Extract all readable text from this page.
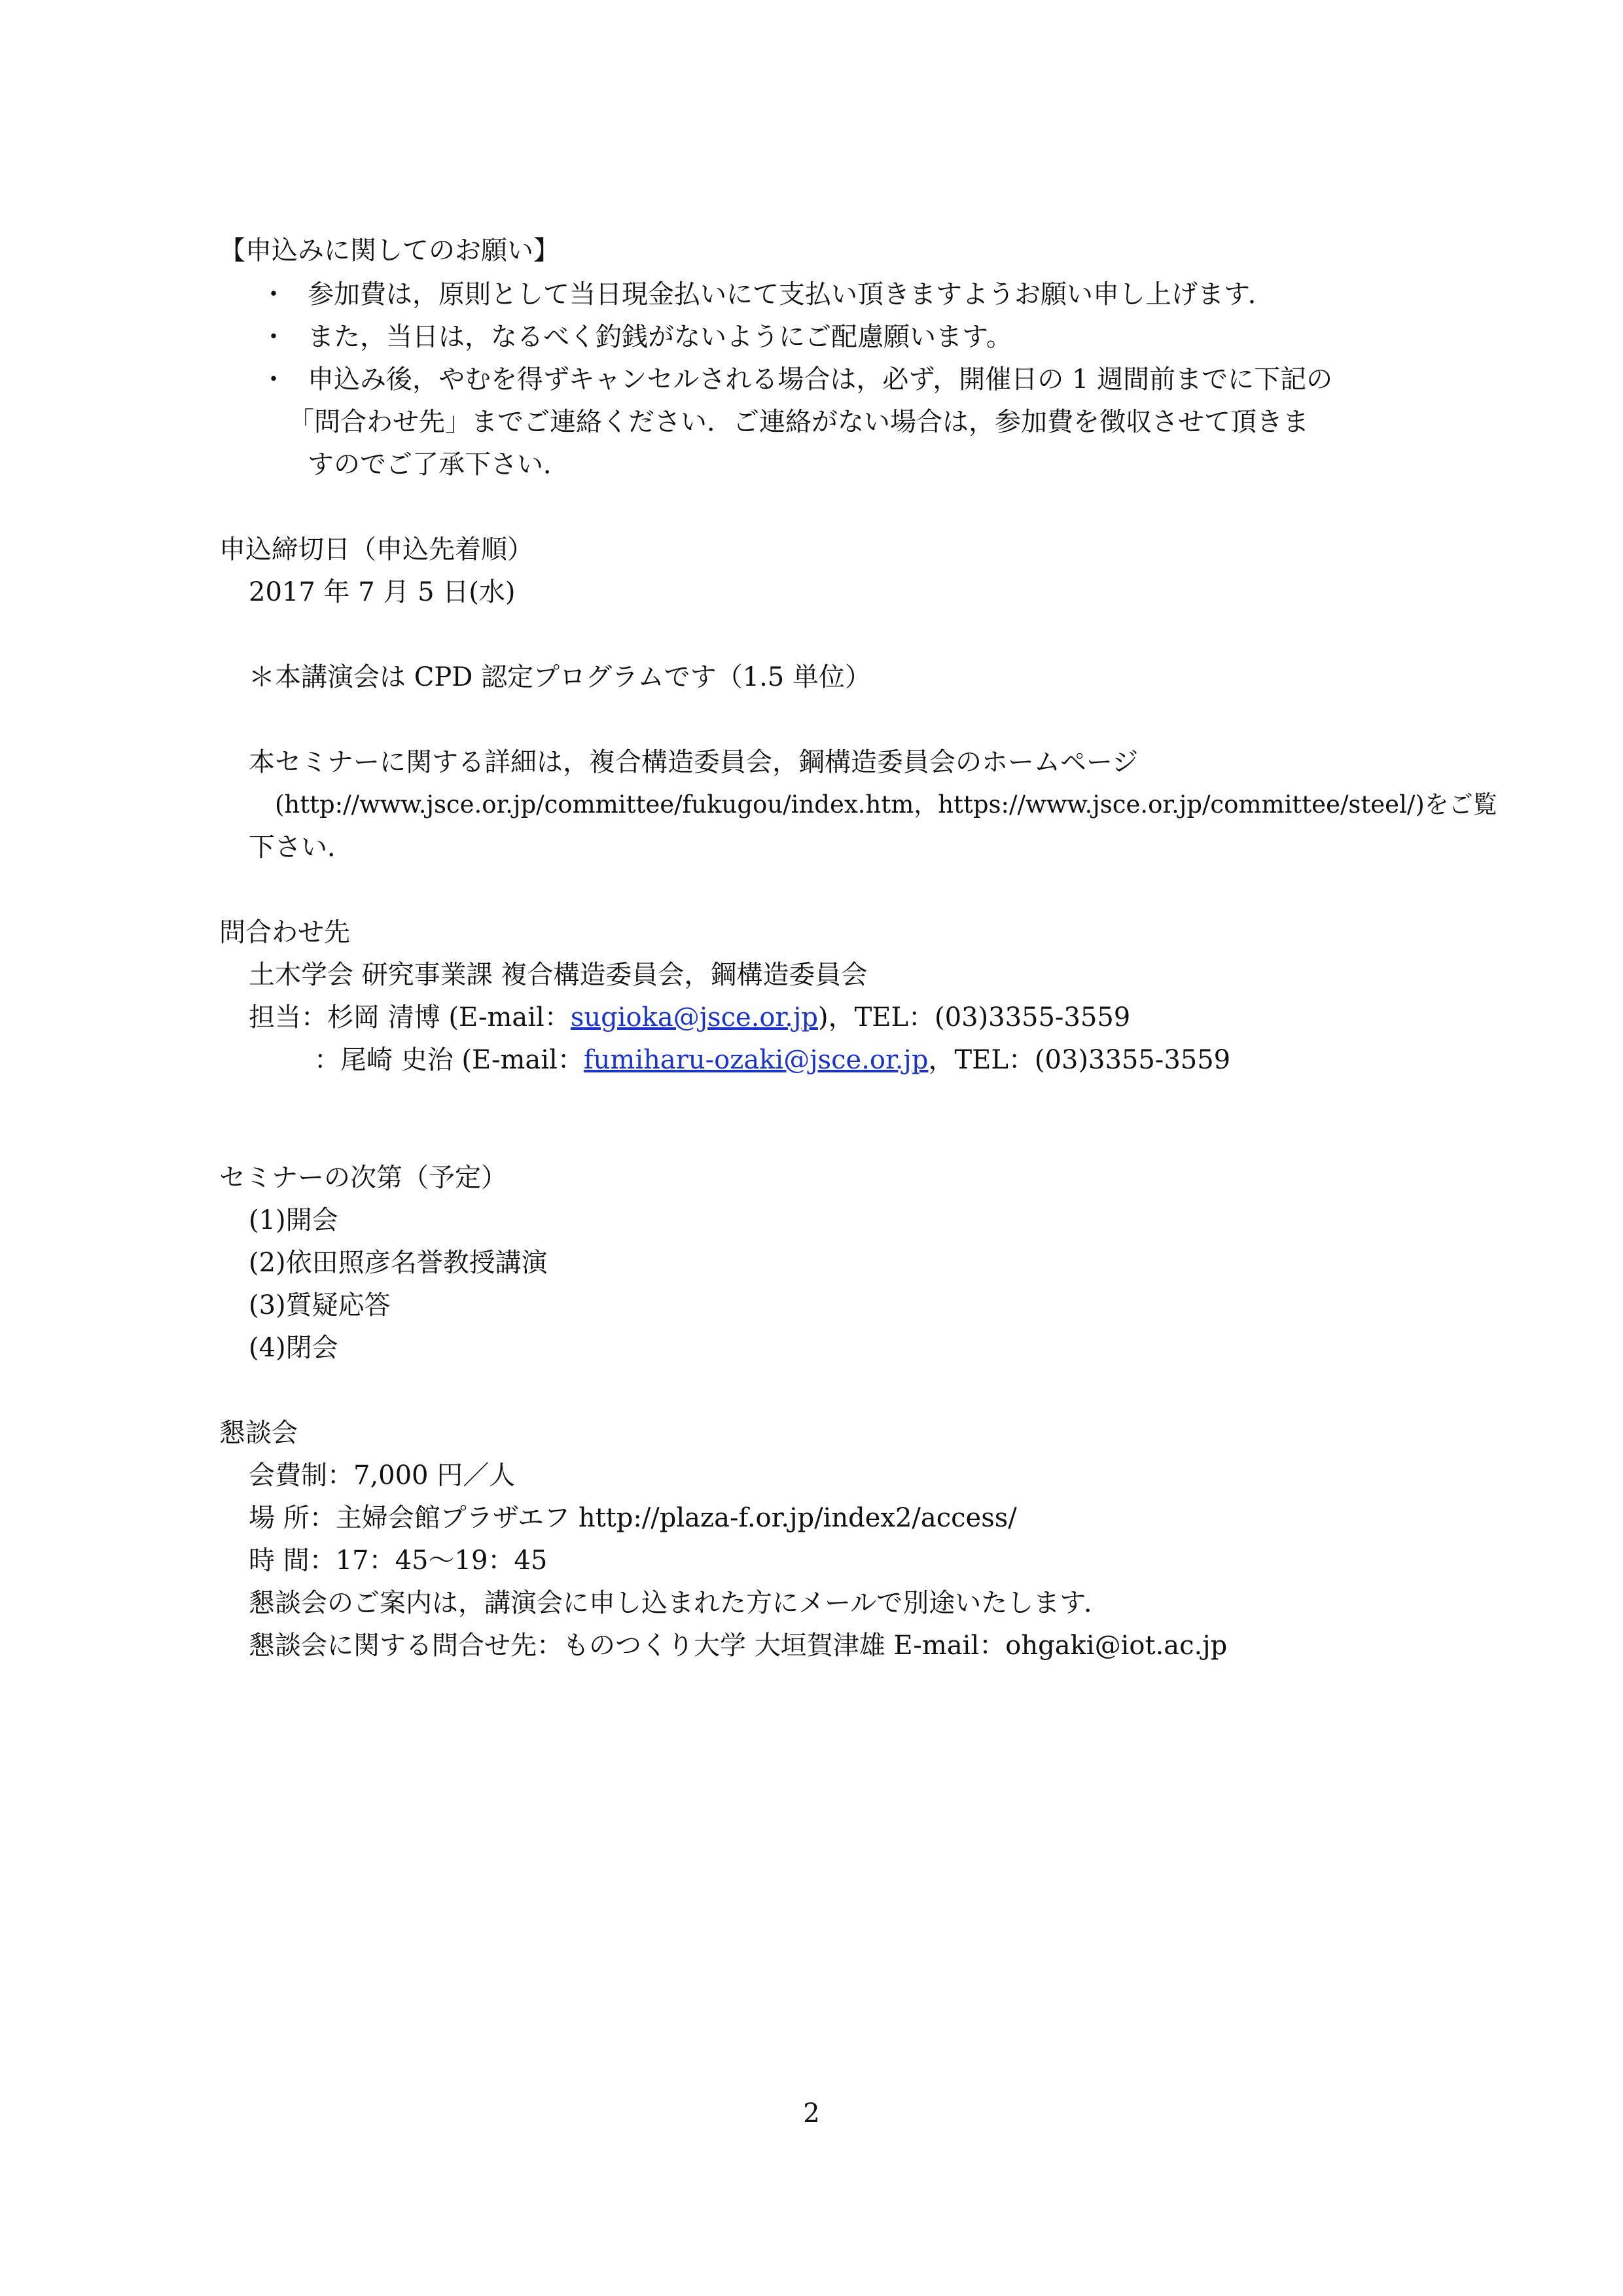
【申込みに関してのお願い】
・ 参加費は，原則として当日現金払いにて支払い頂きますようお願い申し上げます．
・ また，当日は，なるべく釣銭がないようにご配慮願います。
・ 申込み後，やむを得ずキャンセルされる場合は，必ず，開催日の 1 週間前までに下記の
「問合わせ先」までご連絡ください．ご連絡がない場合は，参加費を徴収させて頂きま
すのでご了承下さい．
申込締切日（申込先着順）
2017 年 7 月 5 日(水)
＊本講演会は CPD 認定プログラムです（1.5 単位）
本セミナーに関する詳細は，複合構造委員会，鋼構造委員会のホームページ
(http://www.jsce.or.jp/committee/fukugou/index.htm，https://www.jsce.or.jp/committee/steel/)をご覧
下さい．
問合わせ先
土木学会 研究事業課 複合構造委員会，鋼構造委員会
担当：杉岡 清博 (E-mail：sugioka@jsce.or.jp)，TEL：(03)3355-3559
：尾崎 史治 (E-mail：fumiharu-ozaki@jsce.or.jp，TEL：(03)3355-3559
セミナーの次第（予定）
(1)開会
(2)依田照彦名誉教授講演
(3)質疑応答
(4)閉会
懇談会
会費制：7,000 円／人
場 所：主婦会館プラザエフ http://plaza-f.or.jp/index2/access/
時 間：17：45〜19：45
懇談会のご案内は，講演会に申し込まれた方にメールで別途いたします．
懇談会に関する問合せ先：ものつくり大学 大垣賀津雄 E-mail：ohgaki@iot.ac.jp
2
